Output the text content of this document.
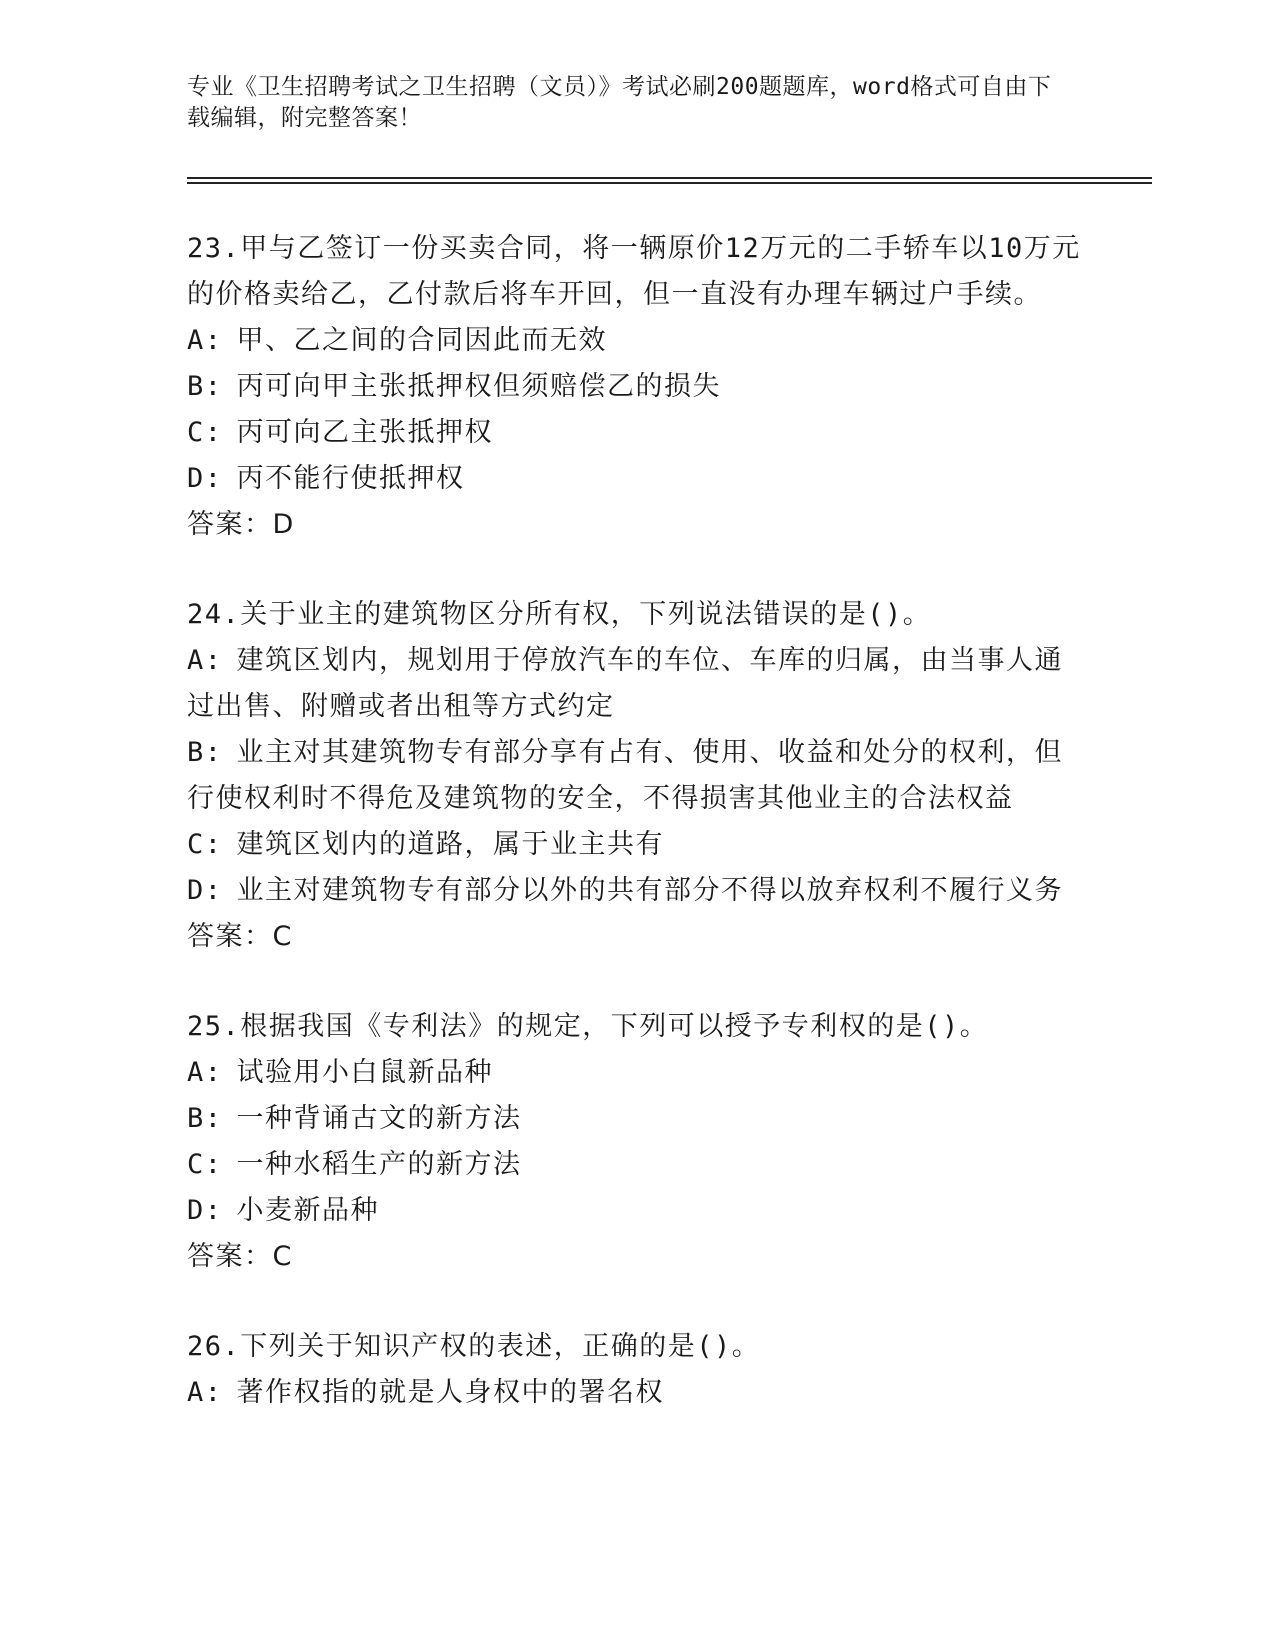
专业《卫生招聘考试之卫生招聘（文员）》考试必刷200题题库，word格式可自由下载编辑，附完整答案！
23.甲与乙签订一份买卖合同，将一辆原价12万元的二手轿车以10万元的价格卖给乙，乙付款后将车开回，但一直没有办理车辆过户手续。
A: 甲、乙之间的合同因此而无效
B: 丙可向甲主张抵押权但须赔偿乙的损失
C: 丙可向乙主张抵押权
D: 丙不能行使抵押权
答案：D
24.关于业主的建筑物区分所有权，下列说法错误的是()。
A: 建筑区划内，规划用于停放汽车的车位、车库的归属，由当事人通过出售、附赠或者出租等方式约定
B: 业主对其建筑物专有部分享有占有、使用、收益和处分的权利，但行使权利时不得危及建筑物的安全，不得损害其他业主的合法权益
C: 建筑区划内的道路，属于业主共有
D: 业主对建筑物专有部分以外的共有部分不得以放弃权利不履行义务
答案：C
25.根据我国《专利法》的规定，下列可以授予专利权的是()。
A: 试验用小白鼠新品种
B: 一种背诵古文的新方法
C: 一种水稻生产的新方法
D: 小麦新品种
答案：C
26.下列关于知识产权的表述，正确的是()。
A: 著作权指的就是人身权中的署名权
